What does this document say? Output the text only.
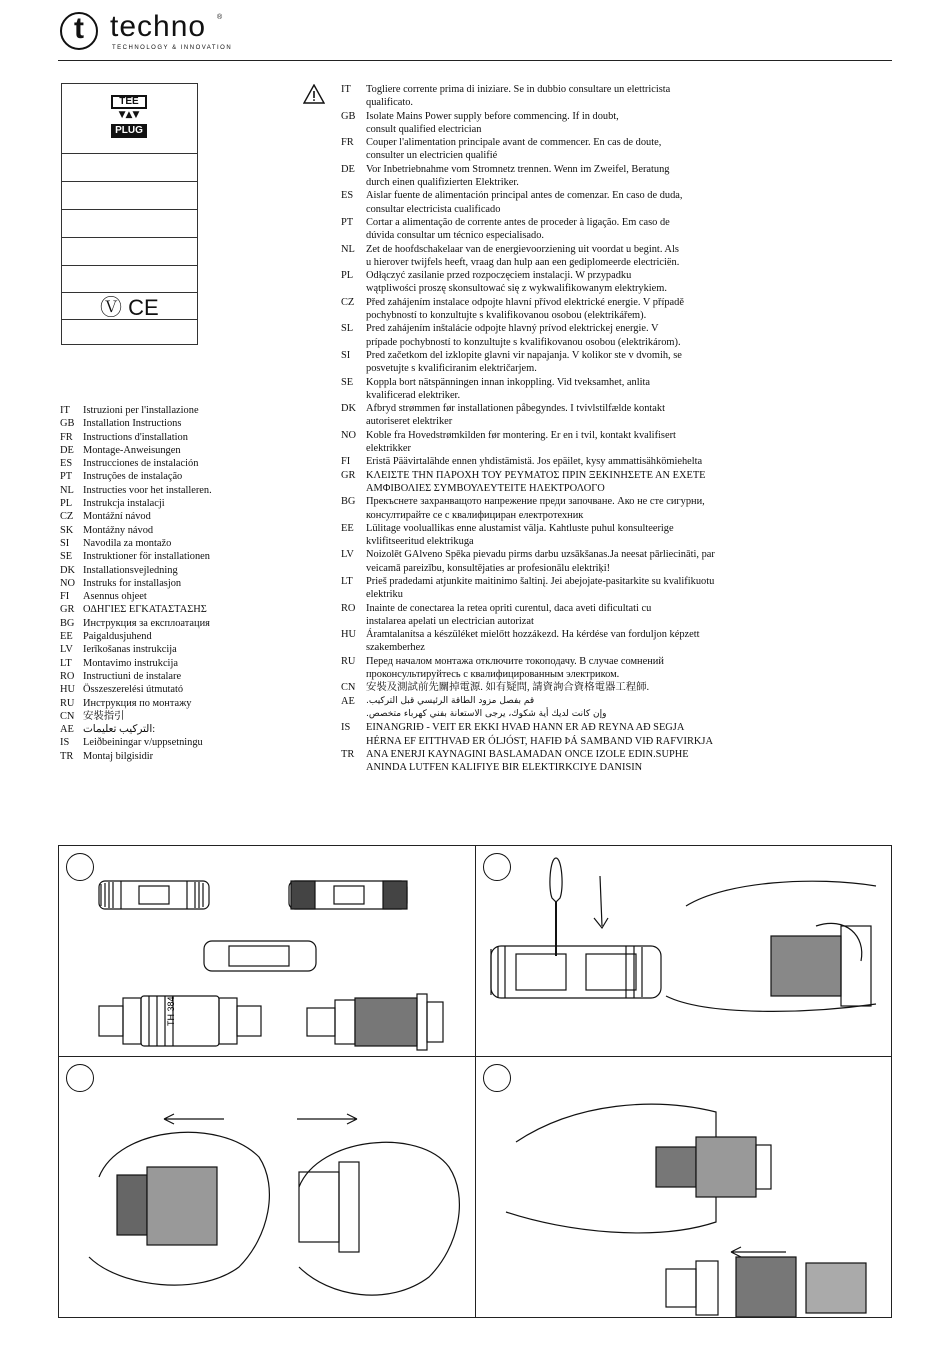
t techno ®
TECHNOLOGY & INNOVATION
TEE
▼▲▼
PLUG
Ⓥ CE
IT Istruzioni per l'installazione
GB Installation Instructions
FR Instructions d'installation
DE Montage-Anweisungen
ES Instrucciones de instalación
PT Instruções de instalação
NL Instructies voor het installeren.
PL Instrukcja instalacji
CZ Montážní návod
SK Montážny návod
SI Navodila za montažo
SE Instruktioner för installationen
DK Installationsvejledning
NO Instruks for installasjon
FI Asennus ohjeet
GR ΟΔΗΓΙΕΣ ΕΓΚΑΤΑΣΤΑΣΗΣ
BG Инструкция за експлоатация
EE Paigaldusjuhend
LV Ierīkošanas instrukcija
LT Montavimo instrukcija
RO Instructiuni de instalare
HU Összeszerelési útmutató
RU Инструкция по монтажу
CN 安裝指引
AE التركيب تعليمات:
IS Leiðbeiningar v/uppsetningu
TR Montaj bilgisidir
IT Togliere corrente prima di iniziare. Se in dubbio consultare un elettricista
qualificato.
GB Isolate Mains Power supply before commencing. If in doubt,
consult qualified electrician
FR Couper l'alimentation principale avant de commencer. En cas de doute,
consulter un electricien qualifié
DE Vor Inbetriebnahme vom Stromnetz trennen. Wenn im Zweifel, Beratung
durch einen qualifizierten Elektriker.
ES Aislar fuente de alimentación principal antes de comenzar. En caso de duda,
consultar electricista cualificado
PT Cortar a alimentação de corrente antes de proceder à ligação. Em caso de
dúvida consultar um técnico especialisado.
NL Zet de hoofdschakelaar van de energievoorziening uit voordat u begint. Als
u hierover twijfels heeft, vraag dan hulp aan een gediplomeerde electriciën.
PL Odłączyć zasilanie przed rozpoczęciem instalacji. W przypadku
wątpliwości proszę skonsultować się z wykwalifikowanym elektrykiem.
CZ Před zahájením instalace odpojte hlavní přívod elektrické energie. V případě
pochybností to konzultujte s kvalifikovanou osobou (elektrikářem).
SL Pred zahájením inštalácie odpojte hlavný prívod elektrickej energie. V
prípade pochybností to konzultujte s kvalifikovanou osobou (elektrikárom).
SI Pred začetkom del izklopite glavni vir napajanja. V kolikor ste v dvomih, se
posvetujte s kvalificiranim električarjem.
SE Koppla bort nätspänningen innan inkoppling. Vid tveksamhet, anlita
kvalificerad elektriker.
DK Afbryd strømmen før installationen påbegyndes. I tvivlstilfælde kontakt
autoriseret elektriker
NO Koble fra Hovedstrømkilden før montering. Er en i tvil, kontakt kvalifisert
elektrikker
FI Eristä Päävirtalähde ennen yhdistämistä. Jos epäilet, kysy ammattisähkömiehelta
GR ΚΛΕΙΣΤΕ ΤΗΝ ΠΑΡΟΧΗ ΤΟΥ ΡΕΥΜΑΤΟΣ ΠΡΙΝ ΞΕΚΙΝΗΣΕΤΕ ΑΝ ΕΧΕΤΕ
ΑΜΦΙΒΟΛΙΕΣ ΣΥΜΒΟΥΛΕΥΤΕΙΤΕ ΗΛΕΚΤΡΟΛΟΓΟ
BG Прекъснете захранващото напрежение преди започване. Ако не сте сигурни,
консултирайте се с квалифициран електротехник
EE Lülitage vooluallikas enne alustamist välja. Kahtluste puhul konsulteerige
kvlifitseeritud elektrikuga
LV Noizolēt GAlveno Spēka pievadu pirms darbu uzsākšanas.Ja neesat pārliecināti, par
veicamā pareizību, konsultējaties ar profesionālu elektriķi!
LT Prieš pradedami atjunkite maitinimo šaltinį. Jei abejojate-pasitarkite su kvalifikuotu
elektriku
RO Inainte de conectarea la retea opriti curentul, daca aveti dificultati cu
instalarea apelati un electrician autorizat
HU Áramtalanítsa a készüléket mielőtt hozzákezd. Ha kérdése van forduljon képzett
szakemberhez
RU Перед началом монтажа отключите токоподачу. В случае сомнений
проконсультируйтесь с квалифицированным электриком.
CN 安裝及測試前先關掉電源. 如有疑問, 請資詢合資格電器工程師.
AE	قم بفصل مزود الطاقة الرئيسي قبل التركيب.
وإن كانت لديك أية شكوك، يرجى الاستعانة بفني كهرباء متخصص.
IS EINANGRIÐ - VEIT ER EKKI HVAÐ HANN ER AÐ REYNA AÐ SEGJA
HÉRNA EF EITTHVAÐ ER ÓLJÓST, HAFIÐ ÞÁ SAMBAND VIÐ RAFVIRKJA
TR ANA ENERJI KAYNAGINI BASLAMADAN ONCE IZOLE EDIN.SUPHE
ANINDA LUTFEN KALIFIYE BIR ELEKTIRKCIYE DANISIN
TH 384
